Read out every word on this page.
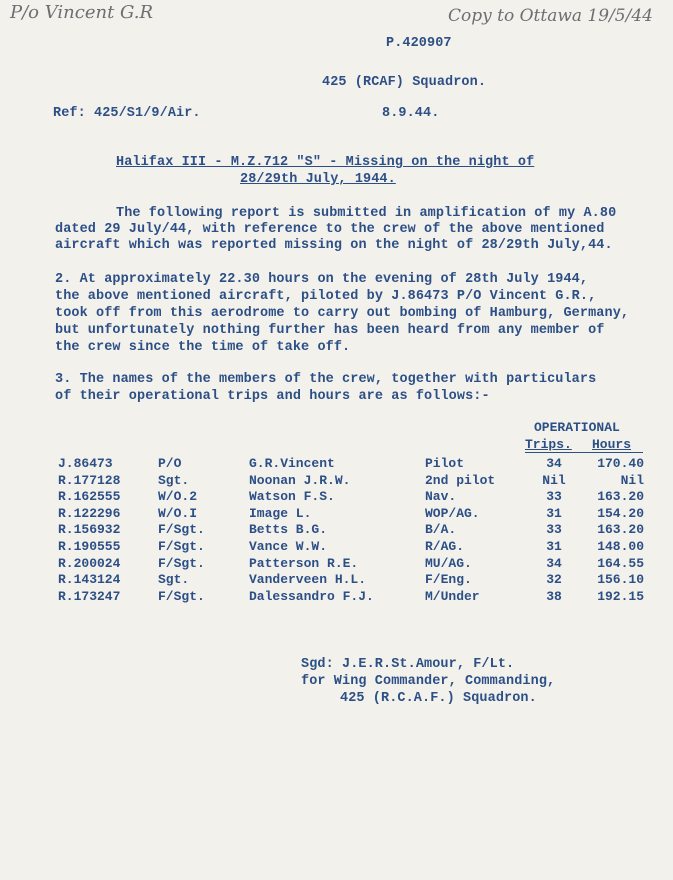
P/o Vincent G.R	Copy to Ottawa 19/5/44
P.420907
425 (RCAF) Squadron.
Ref: 425/S1/9/Air.	8.9.44.
Halifax III - M.Z.712 "S" - Missing on the night of
28/29th July, 1944.
The following report is submitted in amplification of my A.80
dated 29 July/44, with reference to the crew of the above mentioned
aircraft which was reported missing on the night of 28/29th July,44.
2. At approximately 22.30 hours on the evening of 28th July 1944,
the above mentioned aircraft, piloted by J.86473 P/O Vincent G.R.,
took off from this aerodrome to carry out bombing of Hamburg, Germany,
but unfortunately nothing further has been heard from any member of
the crew since the time of take off.
3. The names of the members of the crew, together with particulars
of their operational trips and hours are as follows:-
OPERATIONAL
Trips. Hours
J.86473	P/O	G.R.Vincent	Pilot	34	170.40
R.177128	Sgt.	Noonan J.R.W.	2nd pilot	Nil	Nil
R.162555	W/O.2	Watson F.S.	Nav.	33	163.20
R.122296	W/O.I	Image L.	WOP/AG.	31	154.20
R.156932	F/Sgt.	Betts B.G.	B/A.	33	163.20
R.190555	F/Sgt.	Vance W.W.	R/AG.	31	148.00
R.200024	F/Sgt.	Patterson R.E.	MU/AG.	34	164.55
R.143124	Sgt.	Vanderveen H.L.	F/Eng.	32	156.10
R.173247	F/Sgt.	Dalessandro F.J.	M/Under	38	192.15
Sgd: J.E.R.St.Amour, F/Lt.
for Wing Commander, Commanding,
425 (R.C.A.F.) Squadron.
